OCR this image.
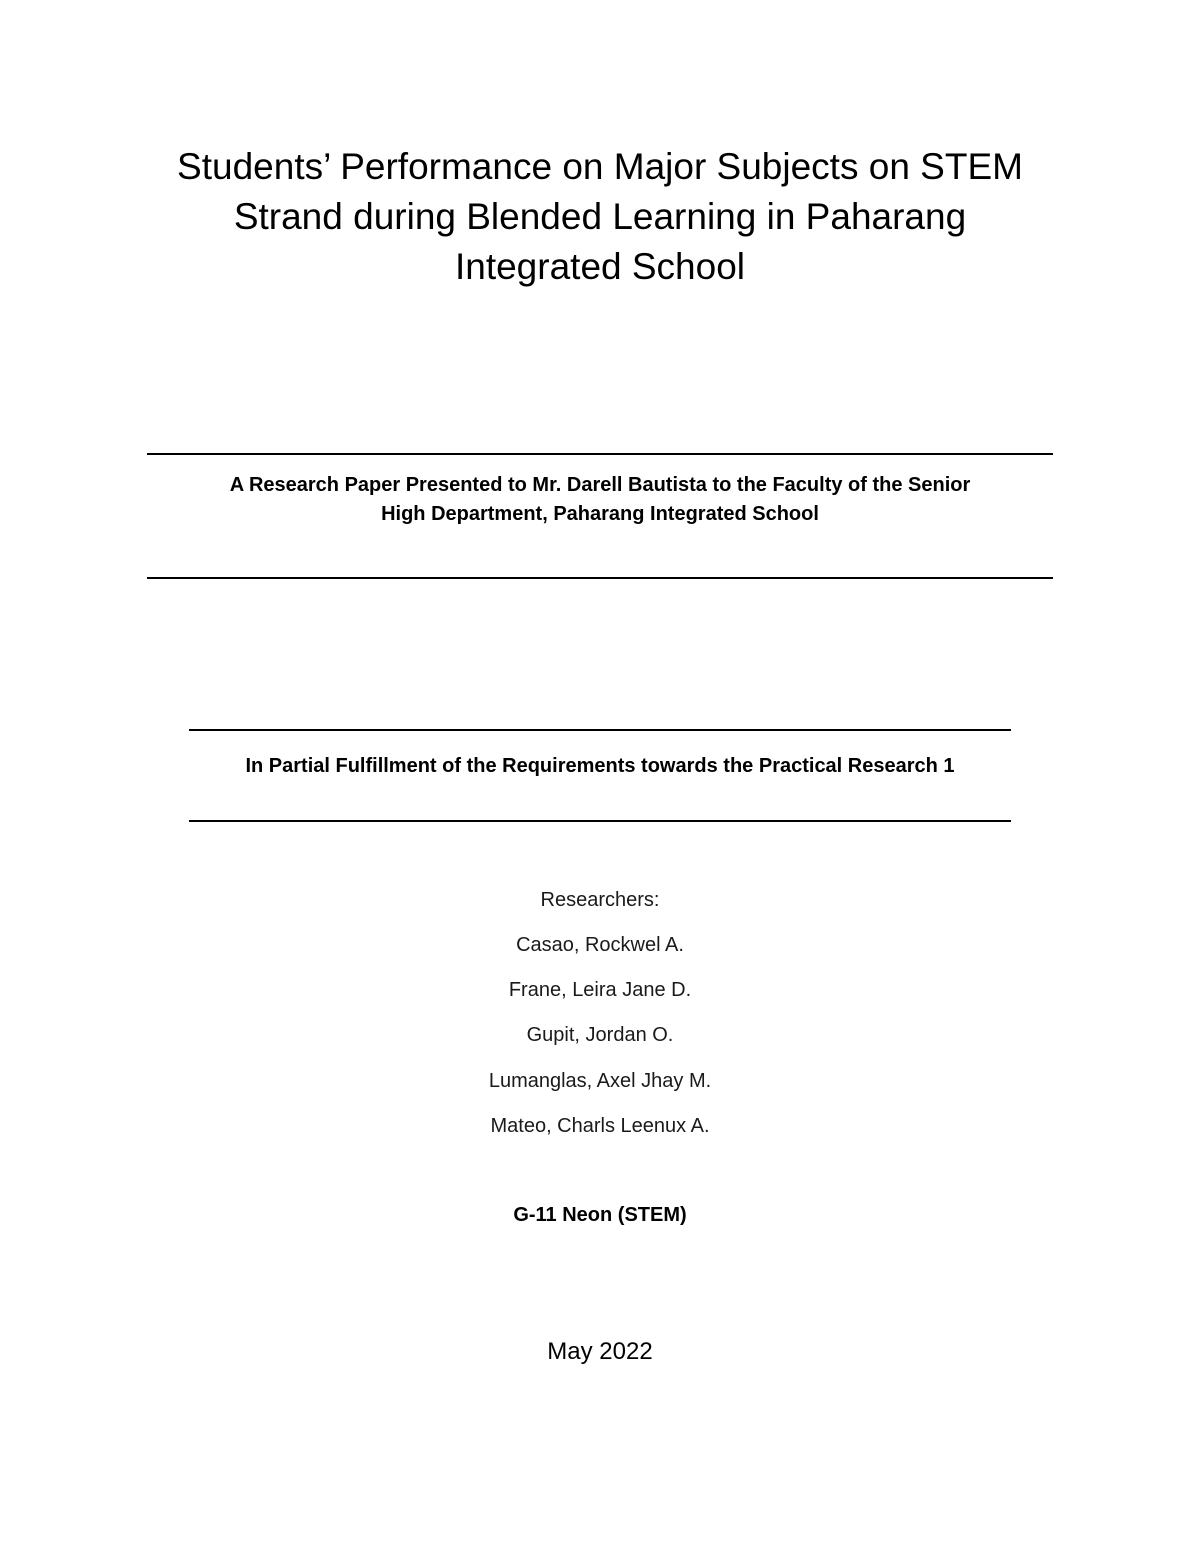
Students’ Performance on Major Subjects on STEM
Strand during Blended Learning in Paharang
Integrated School
A Research Paper Presented to Mr. Darell Bautista to the Faculty of the Senior
High Department, Paharang Integrated School
In Partial Fulfillment of the Requirements towards the Practical Research 1
Researchers:
Casao, Rockwel A.
Frane, Leira Jane D.
Gupit, Jordan O.
Lumanglas, Axel Jhay M.
Mateo, Charls Leenux A.
G-11 Neon (STEM)
May 2022
